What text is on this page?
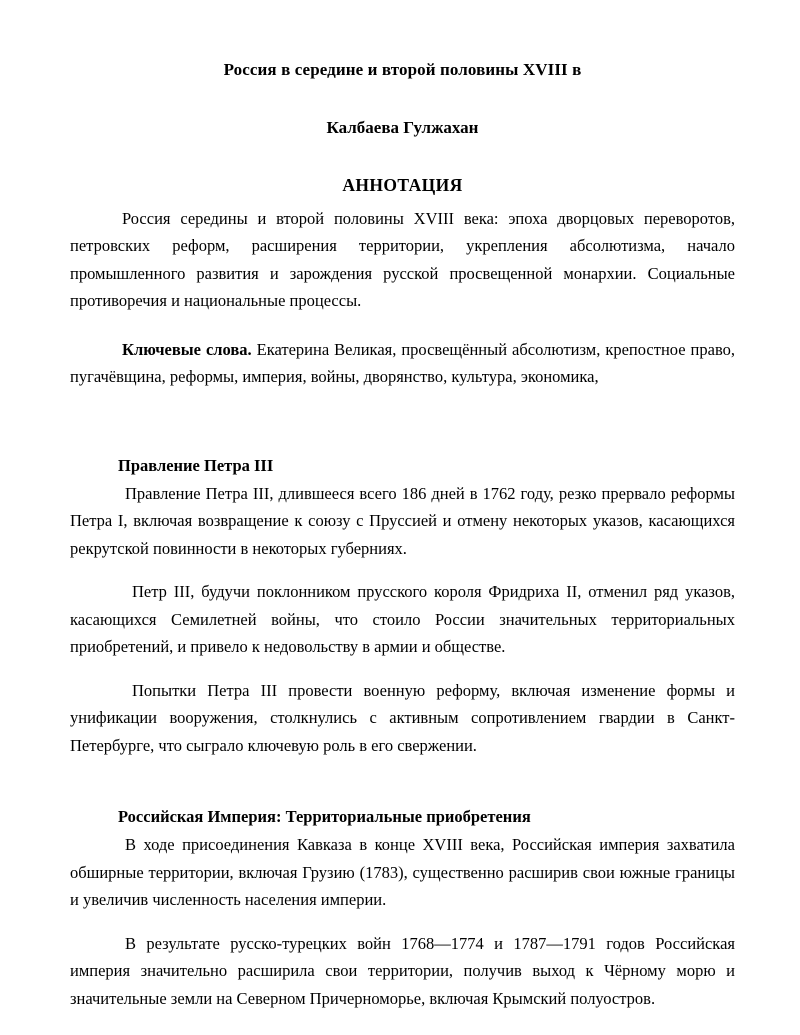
Россия в середине и второй половины XVIII в

Калбаева Гулжахан

АННОТАЦИЯ

Россия середины и второй половины XVIII века: эпоха дворцовых переворотов, петровских реформ, расширения территории, укрепления абсолютизма, начало промышленного развития и зарождения русской просвещенной монархии. Социальные противоречия и национальные процессы.

Ключевые слова. Екатерина Великая, просвещённый абсолютизм, крепостное право, пугачёвщина, реформы, империя, войны, дворянство, культура, экономика,

Правление Петра III

Правление Петра III, длившееся всего 186 дней в 1762 году, резко прервало реформы Петра I, включая возвращение к союзу с Пруссией и отмену некоторых указов, касающихся рекрутской повинности в некоторых губерниях.

Петр III, будучи поклонником прусского короля Фридриха II, отменил ряд указов, касающихся Семилетней войны, что стоило России значительных территориальных приобретений, и привело к недовольству в армии и обществе.

Попытки Петра III провести военную реформу, включая изменение формы и унификации вооружения, столкнулись с активным сопротивлением гвардии в Санкт-Петербурге, что сыграло ключевую роль в его свержении.

Российская Империя: Территориальные приобретения

В ходе присоединения Кавказа в конце XVIII века, Российская империя захватила обширные территории, включая Грузию (1783), существенно расширив свои южные границы и увеличив численность населения империи.

В результате русско-турецких войн 1768—1774 и 1787—1791 годов Российская империя значительно расширила свои территории, получив выход к Чёрному морю и значительные земли на Северном Причерноморье, включая Крымский полуостров.
